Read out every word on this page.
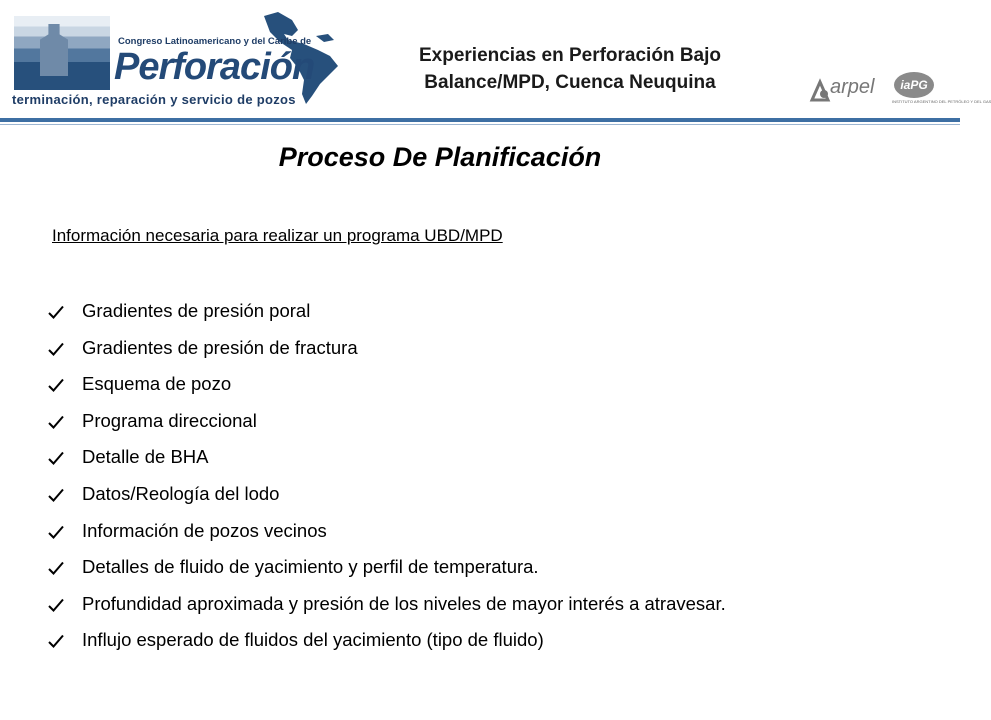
Congreso Latinoamericano y del Caribe de
Perforación
terminación, reparación y servicio de pozos
Experiencias en Perforación Bajo
Balance/MPD, Cuenca Neuquina	arpel	iaPG
INSTITUTO ARGENTINO DEL PETRÓLEO Y DEL GAS
Proceso De Planificación
Información necesaria para realizar un programa UBD/MPD
Gradientes de presión poral
Gradientes de presión de fractura
Esquema de pozo
Programa direccional
Detalle de BHA
Datos/Reología del lodo
Información de pozos vecinos
Detalles de fluido de yacimiento y perfil de temperatura.
Profundidad aproximada y presión de los niveles de mayor interés a atravesar.
Influjo esperado de fluidos del yacimiento (tipo de fluido)
